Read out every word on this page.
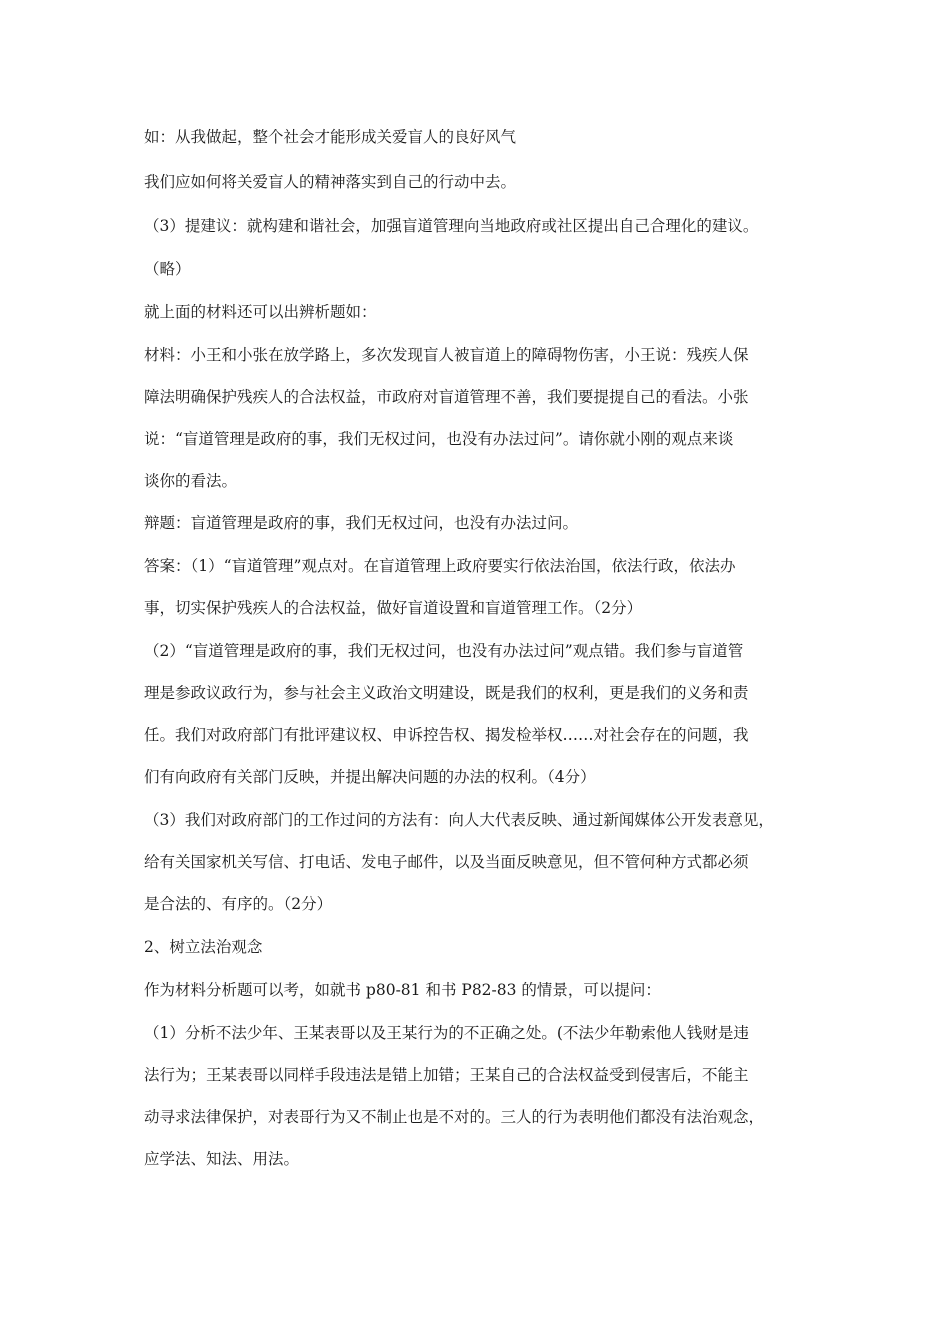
如：从我做起，整个社会才能形成关爱盲人的良好风气

我们应如何将关爱盲人的精神落实到自己的行动中去。

（3）提建议：就构建和谐社会，加强盲道管理向当地政府或社区提出自己合理化的建议。

（略）

就上面的材料还可以出辨析题如：

材料：小王和小张在放学路上，多次发现盲人被盲道上的障碍物伤害，小王说：残疾人保

障法明确保护残疾人的合法权益，市政府对盲道管理不善，我们要提提自己的看法。小张

说：“盲道管理是政府的事，我们无权过问，也没有办法过问”。请你就小刚的观点来谈

谈你的看法。

辩题：盲道管理是政府的事，我们无权过问，也没有办法过问。

答案：（1）“盲道管理”观点对。在盲道管理上政府要实行依法治国，依法行政，依法办

事，切实保护残疾人的合法权益，做好盲道设置和盲道管理工作。（2分）

（2）“盲道管理是政府的事，我们无权过问，也没有办法过问”观点错。我们参与盲道管

理是参政议政行为，参与社会主义政治文明建设，既是我们的权利，更是我们的义务和责

任。我们对政府部门有批评建议权、申诉控告权、揭发检举权……对社会存在的问题，我

们有向政府有关部门反映，并提出解决问题的办法的权利。（4分）

（3）我们对政府部门的工作过问的方法有：向人大代表反映、通过新闻媒体公开发表意见，

给有关国家机关写信、打电话、发电子邮件，以及当面反映意见，但不管何种方式都必须

是合法的、有序的。（2分）

2、树立法治观念

作为材料分析题可以考，如就书 p80-81 和书 P82-83 的情景，可以提问：

（1）分析不法少年、王某表哥以及王某行为的不正确之处。(不法少年勒索他人钱财是违

法行为；王某表哥以同样手段违法是错上加错；王某自己的合法权益受到侵害后，不能主

动寻求法律保护，对表哥行为又不制止也是不对的。三人的行为表明他们都没有法治观念，

应学法、知法、用法。
